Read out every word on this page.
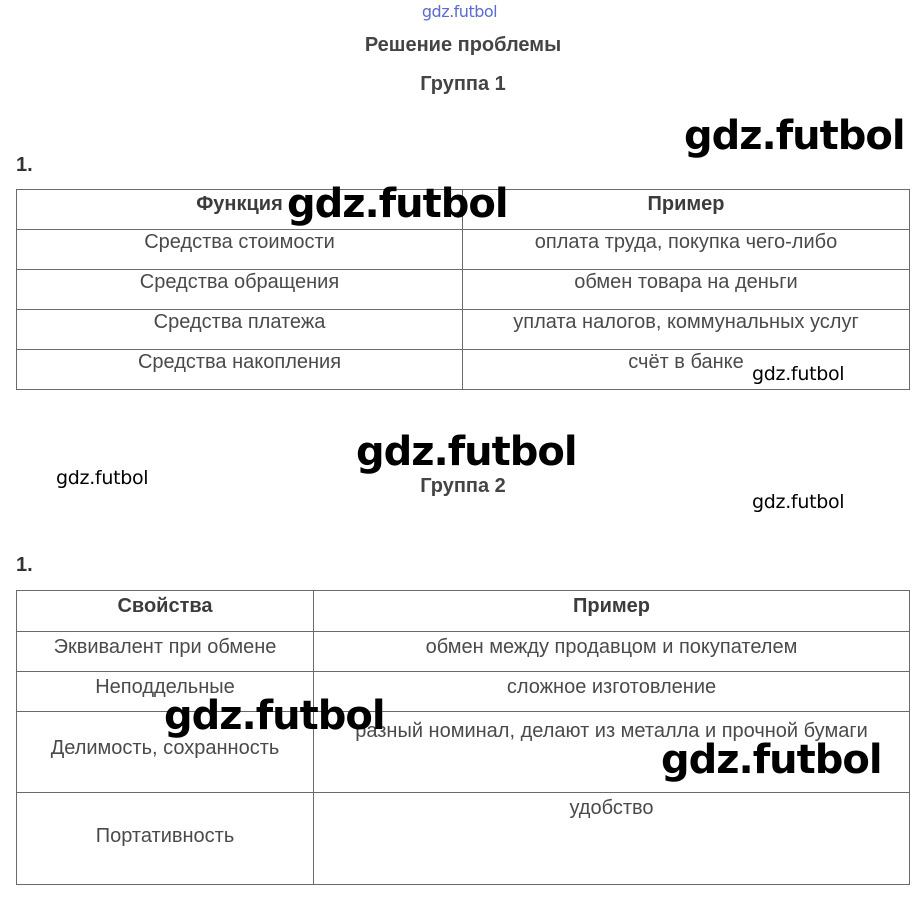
gdz.futbol
Решение проблемы
Группа 1
1.
Функция	Пример
Средства стоимости	оплата труда, покупка чего-либо
Средства обращения	обмен товара на деньги
Средства платежа	уплата налогов, коммунальных услуг
Средства накопления	счёт в банке
Группа 2
1.
Свойства	Пример
Эквивалент при обмене	обмен между продавцом и покупателем
Неподдельные	сложное изготовление
Делимость, сохранность	разный номинал, делают из металла и прочной бумаги
Портативность	удобство
gdz.futbol
gdz.futbol
gdz.futbol
gdz.futbol
gdz.futbol
gdz.futbol
gdz.futbol
gdz.futbol
